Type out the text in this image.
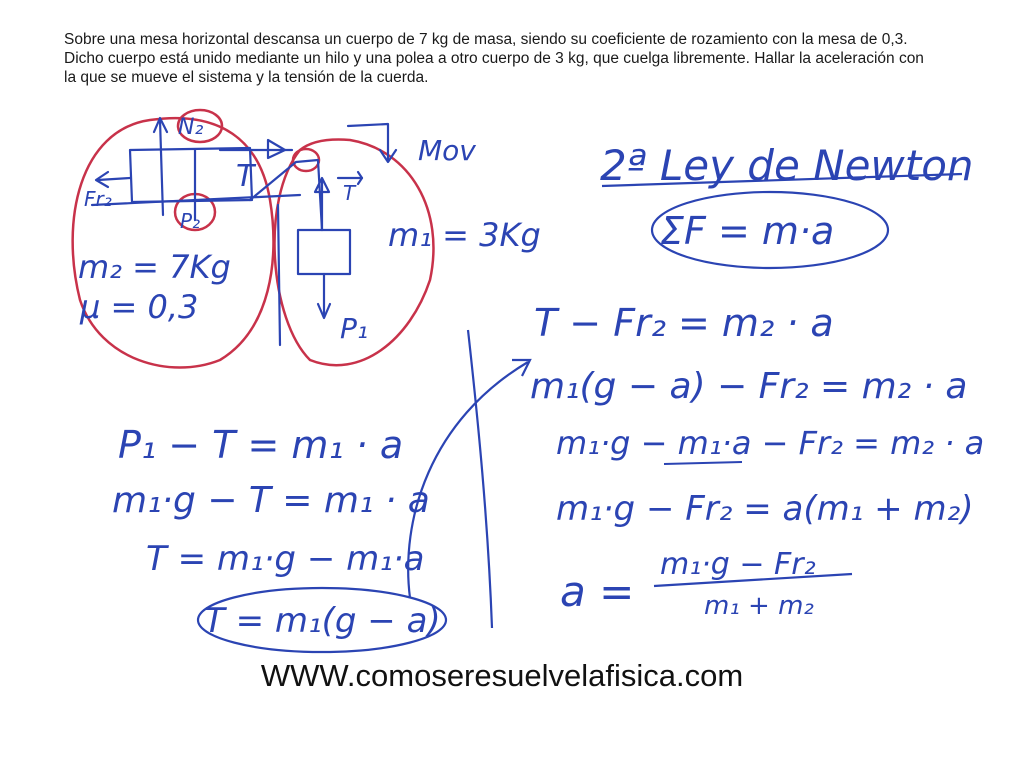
Sobre una mesa horizontal descansa un cuerpo de 7 kg de masa, siendo su coeficiente de rozamiento con la mesa de 0,3. Dicho cuerpo está unido mediante un hilo y una polea a otro cuerpo de 3 kg, que cuelga libremente. Hallar la aceleración con la que se mueve el sistema y la tensión de la cuerda.
N₂
Fr₂
P₂
T	T
P₁
Mov
m₂ = 7Kg
μ = 0,3
m₁ = 3Kg
2ª Ley de Newton
ΣF = m·a
P₁ − T = m₁ · a
m₁·g − T = m₁ · a
T = m₁·g − m₁·a
T = m₁(g − a)
T − Fr₂ = m₂ · a
m₁(g − a) − Fr₂ = m₂ · a
m₁·g − m₁·a − Fr₂ = m₂ · a
m₁·g − Fr₂ = a(m₁ + m₂)
a =
m₁·g − Fr₂
m₁ + m₂
WWW.comoseresuelvelafisica.com
